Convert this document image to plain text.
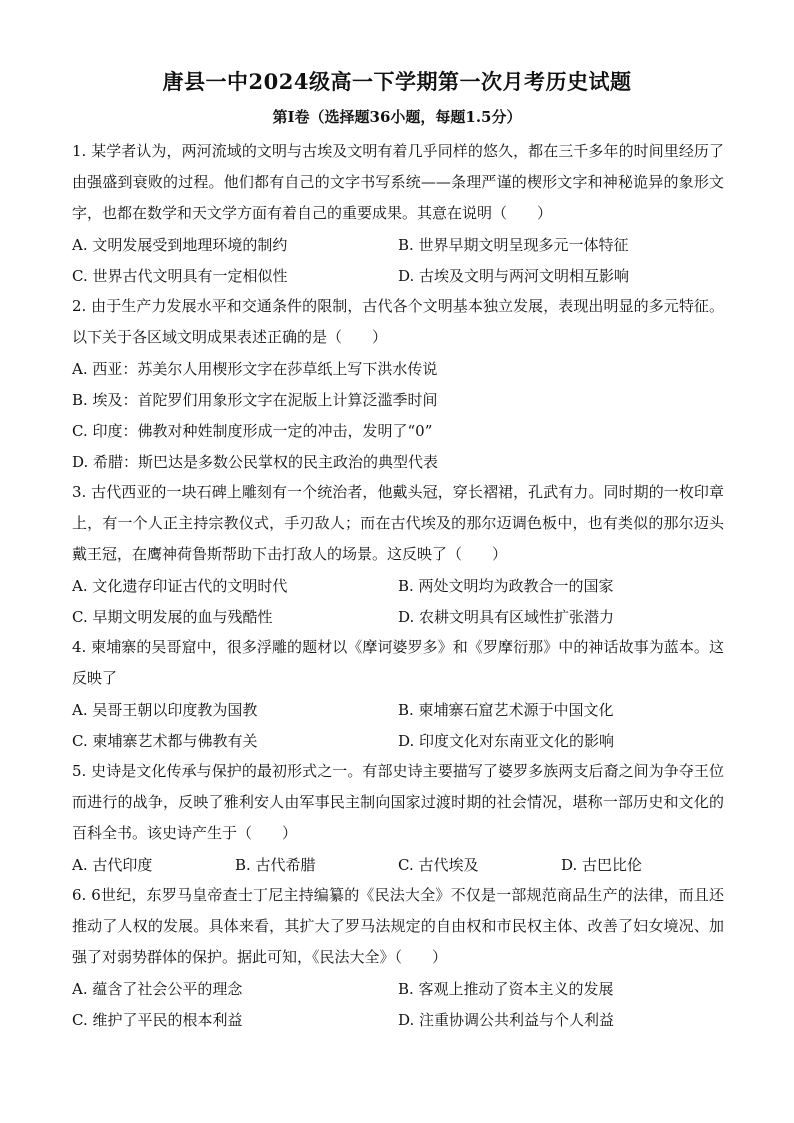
唐县一中2024级高一下学期第一次月考历史试题
第Ⅰ卷（选择题36小题，每题1.5分）

1. 某学者认为，两河流域的文明与古埃及文明有着几乎同样的悠久，都在三千多年的时间里经历了由强盛到衰败的过程。他们都有自己的文字书写系统——条理严谨的楔形文字和神秘诡异的象形文字，也都在数学和天文学方面有着自己的重要成果。其意在说明（　　）

A. 文明发展受到地理环境的制约	B. 世界早期文明呈现多元一体特征
C. 世界古代文明具有一定相似性	D. 古埃及文明与两河文明相互影响

2. 由于生产力发展水平和交通条件的限制，古代各个文明基本独立发展，表现出明显的多元特征。以下关于各区域文明成果表述正确的是（　　）

A. 西亚：苏美尔人用楔形文字在莎草纸上写下洪水传说
B. 埃及：首陀罗们用象形文字在泥版上计算泛滥季时间
C. 印度：佛教对种姓制度形成一定的冲击，发明了“0”
D. 希腊：斯巴达是多数公民掌权的民主政治的典型代表

3. 古代西亚的一块石碑上雕刻有一个统治者，他戴头冠，穿长褶裙，孔武有力。同时期的一枚印章上，有一个人正主持宗教仪式，手刃敌人；而在古代埃及的那尔迈调色板中，也有类似的那尔迈头戴王冠，在鹰神荷鲁斯帮助下击打敌人的场景。这反映了（　　）

A. 文化遗存印证古代的文明时代	B. 两处文明均为政教合一的国家
C. 早期文明发展的血与残酷性	D. 农耕文明具有区域性扩张潜力

4. 柬埔寨的吴哥窟中，很多浮雕的题材以《摩诃婆罗多》和《罗摩衍那》中的神话故事为蓝本。这反映了

A. 吴哥王朝以印度教为国教	B. 柬埔寨石窟艺术源于中国文化
C. 柬埔寨艺术都与佛教有关	D. 印度文化对东南亚文化的影响

5. 史诗是文化传承与保护的最初形式之一。有部史诗主要描写了婆罗多族两支后裔之间为争夺王位而进行的战争，反映了雅利安人由军事民主制向国家过渡时期的社会情况，堪称一部历史和文化的百科全书。该史诗产生于（　　）

A. 古代印度	B. 古代希腊	C. 古代埃及	D. 古巴比伦

6. 6世纪，东罗马皇帝查士丁尼主持编纂的《民法大全》不仅是一部规范商品生产的法律，而且还推动了人权的发展。具体来看，其扩大了罗马法规定的自由权和市民权主体、改善了妇女境况、加强了对弱势群体的保护。据此可知，《民法大全》（　　）

A. 蕴含了社会公平的理念	B. 客观上推动了资本主义的发展
C. 维护了平民的根本利益	D. 注重协调公共利益与个人利益
